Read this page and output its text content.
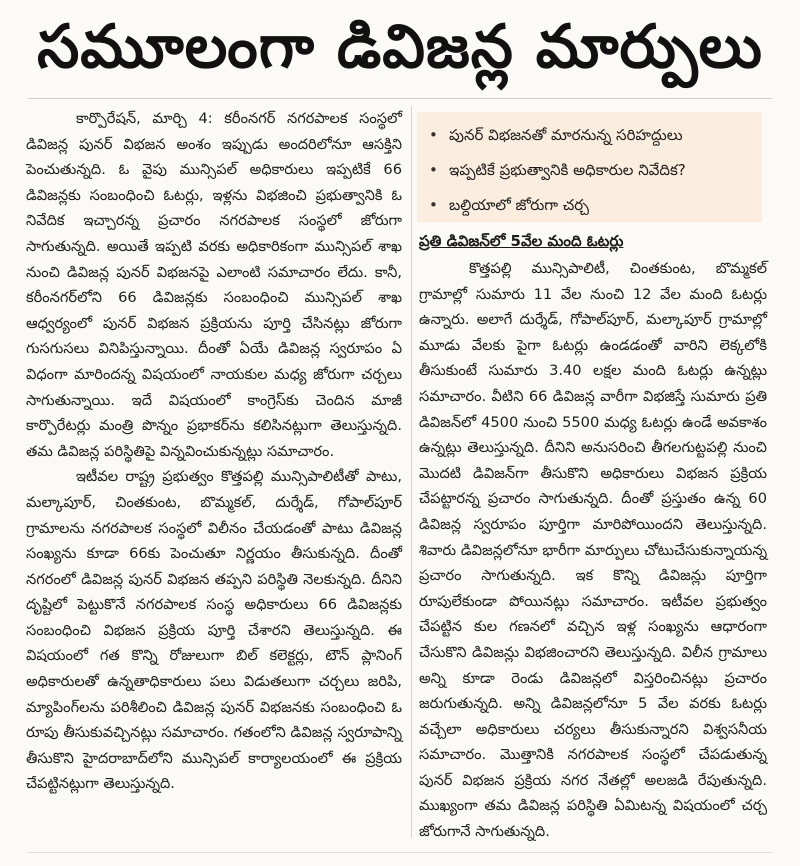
సమూలంగా డివిజన్ల మార్పులు

కార్పొరేషన్, మార్చి 4: కరీంనగర్ నగరపాలక సంస్థలో డివిజన్ల పునర్ విభజన అంశం ఇప్పుడు అందరిలోనూ ఆసక్తిని పెంచుతున్నది. ఓ వైపు మున్సిపల్ అధికారులు ఇప్పటికే 66 డివిజన్లకు సంబంధించి ఓటర్లు, ఇళ్లను విభజించి ప్రభుత్వానికి ఓ నివేదిక ఇచ్చారన్న ప్రచారం నగరపాలక సంస్థలో జోరుగా సాగుతున్నది. అయితే ఇప్పటి వరకు అధికారికంగా మున్సిపల్ శాఖ నుంచి డివిజన్ల పునర్ విభజనపై ఎలాంటి సమాచారం లేదు. కానీ, కరీంనగర్‌లోని 66 డివిజన్లకు సంబంధించి మున్సిపల్ శాఖ ఆధ్వర్యంలో పునర్ విభజన ప్రక్రియను పూర్తి చేసినట్లు జోరుగా గుసగుసలు వినిపిస్తున్నాయి. దీంతో ఏయే డివిజన్ల స్వరూపం ఏ విధంగా మారిందన్న విషయంలో నాయకుల మధ్య జోరుగా చర్చలు సాగుతున్నాయి. ఇదే విషయంలో కాంగ్రెస్‌కు చెందిన మాజీ కార్పొరేటర్లు మంత్రి పొన్నం ప్రభాకర్‌ను కలిసినట్లుగా తెలుస్తున్నది. తమ డివిజన్ల పరిస్థితిపై విన్నవించుకున్నట్లు సమాచారం.

ఇటీవల రాష్ట్ర ప్రభుత్వం కొత్తపల్లి మున్సిపాలిటీతో పాటు, మల్కాపూర్, చింతకుంట, బొమ్మకల్, దుర్శేడ్, గోపాల్‌పూర్ గ్రామాలను నగరపాలక సంస్థలో విలీనం చేయడంతో పాటు డివిజన్ల సంఖ్యను కూడా 66కు పెంచుతూ నిర్ణయం తీసుకున్నది. దీంతో నగరంలో డివిజన్ల పునర్ విభజన తప్పని పరిస్థితి నెలకున్నది. దీనిని దృష్టిలో పెట్టుకొనే నగరపాలక సంస్థ అధికారులు 66 డివిజన్లకు సంబంధించి విభజన ప్రక్రియ పూర్తి చేశారని తెలుస్తున్నది. ఈ విషయంలో గత కొన్ని రోజులుగా బిల్ కలెక్టర్లు, టౌన్ ప్లానింగ్ అధికారులతో ఉన్నతాధికారులు పలు విడుతలుగా చర్చలు జరిపి, మ్యాపింగ్‌లను పరిశీలించి డివిజన్ల పునర్ విభజనకు సంబంధించి ఓ రూపు తీసుకువచ్చినట్లు సమాచారం. గతంలోని డివిజన్ల స్వరూపాన్ని తీసుకొని హైదరాబాద్‌లోని మున్సిపల్ కార్యాలయంలో ఈ ప్రక్రియ చేపట్టినట్లుగా తెలుస్తున్నది.

• పునర్ విభజనతో మారనున్న సరిహద్దులు
• ఇప్పటికే ప్రభుత్వానికి అధికారుల నివేదిక?
• బల్దియాలో జోరుగా చర్చ
ప్రతి డివిజన్‌లో 5వేల మంది ఓటర్లు

కొత్తపల్లి మున్సిపాలిటీ, చింతకుంట, బొమ్మకల్ గ్రామాల్లో సుమారు 11 వేల నుంచి 12 వేల మంది ఓటర్లు ఉన్నారు. అలాగే దుర్శేడ్, గోపాల్‌పూర్, మల్కాపూర్ గ్రామాల్లో మూడు వేలకు పైగా ఓటర్లు ఉండడంతో వారిని లెక్కలోకి తీసుకుంటే సుమారు 3.40 లక్షల మంది ఓటర్లు ఉన్నట్లు సమాచారం. వీటిని 66 డివిజన్ల వారీగా విభజిస్తే సుమారు ప్రతి డివిజన్‌లో 4500 నుంచి 5500 మధ్య ఓటర్లు ఉండే అవకాశం ఉన్నట్లు తెలుస్తున్నది. దీనిని అనుసరించి తీగలగుట్టపల్లి నుంచి మొదటి డివిజన్‌గా తీసుకొని అధికారులు విభజన ప్రక్రియ చేపట్టారన్న ప్రచారం సాగుతున్నది. దీంతో ప్రస్తుతం ఉన్న 60 డివిజన్ల స్వరూపం పూర్తిగా మారిపోయిందని తెలుస్తున్నది. శివారు డివిజన్లలోనూ భారీగా మార్పులు చోటుచేసుకున్నాయన్న ప్రచారం సాగుతున్నది. ఇక కొన్ని డివిజన్లు పూర్తిగా రూపులేకుండా పోయినట్లు సమాచారం. ఇటీవల ప్రభుత్వం చేపట్టిన కుల గణనలో వచ్చిన ఇళ్ల సంఖ్యను ఆధారంగా చేసుకొని డివిజన్లు విభజించారని తెలుస్తున్నది. విలీన గ్రామాలు అన్ని కూడా రెండు డివిజన్లలో విస్తరించినట్లు ప్రచారం జరుగుతున్నది. అన్ని డివిజన్లలోనూ 5 వేల వరకు ఓటర్లు వచ్చేలా అధికారులు చర్యలు తీసుకున్నారని విశ్వసనీయ సమాచారం. మొత్తానికి నగరపాలక సంస్థలో చేపడుతున్న పునర్ విభజన ప్రక్రియ నగర నేతల్లో అలజడి రేపుతున్నది. ముఖ్యంగా తమ డివిజన్ల పరిస్థితి ఏమిటన్న విషయంలో చర్చ జోరుగానే సాగుతున్నది.
